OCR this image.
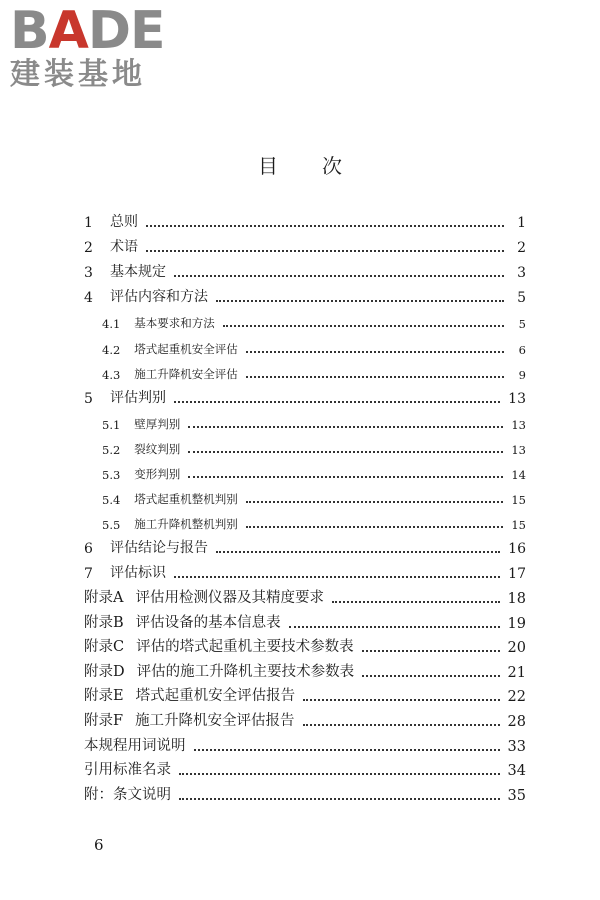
BADE
建装基地
目次
1	总则	1
2	术语	2
3	基本规定	3
4	评估内容和方法	5
4.1 基本要求和方法	5
4.2 塔式起重机安全评估	6
4.3 施工升降机安全评估	9
5	评估判别	13
5.1 壁厚判别	13
5.2 裂纹判别	13
5.3 变形判别	14
5.4 塔式起重机整机判别	15
5.5 施工升降机整机判别	15
6	评估结论与报告	16
7	评估标识	17
附录A 评估用检测仪器及其精度要求	18
附录B 评估设备的基本信息表	19
附录C 评估的塔式起重机主要技术参数表	20
附录D 评估的施工升降机主要技术参数表	21
附录E 塔式起重机安全评估报告	22
附录F 施工升降机安全评估报告	28
本规程用词说明	33
引用标准名录	34
附：条文说明	35
6
